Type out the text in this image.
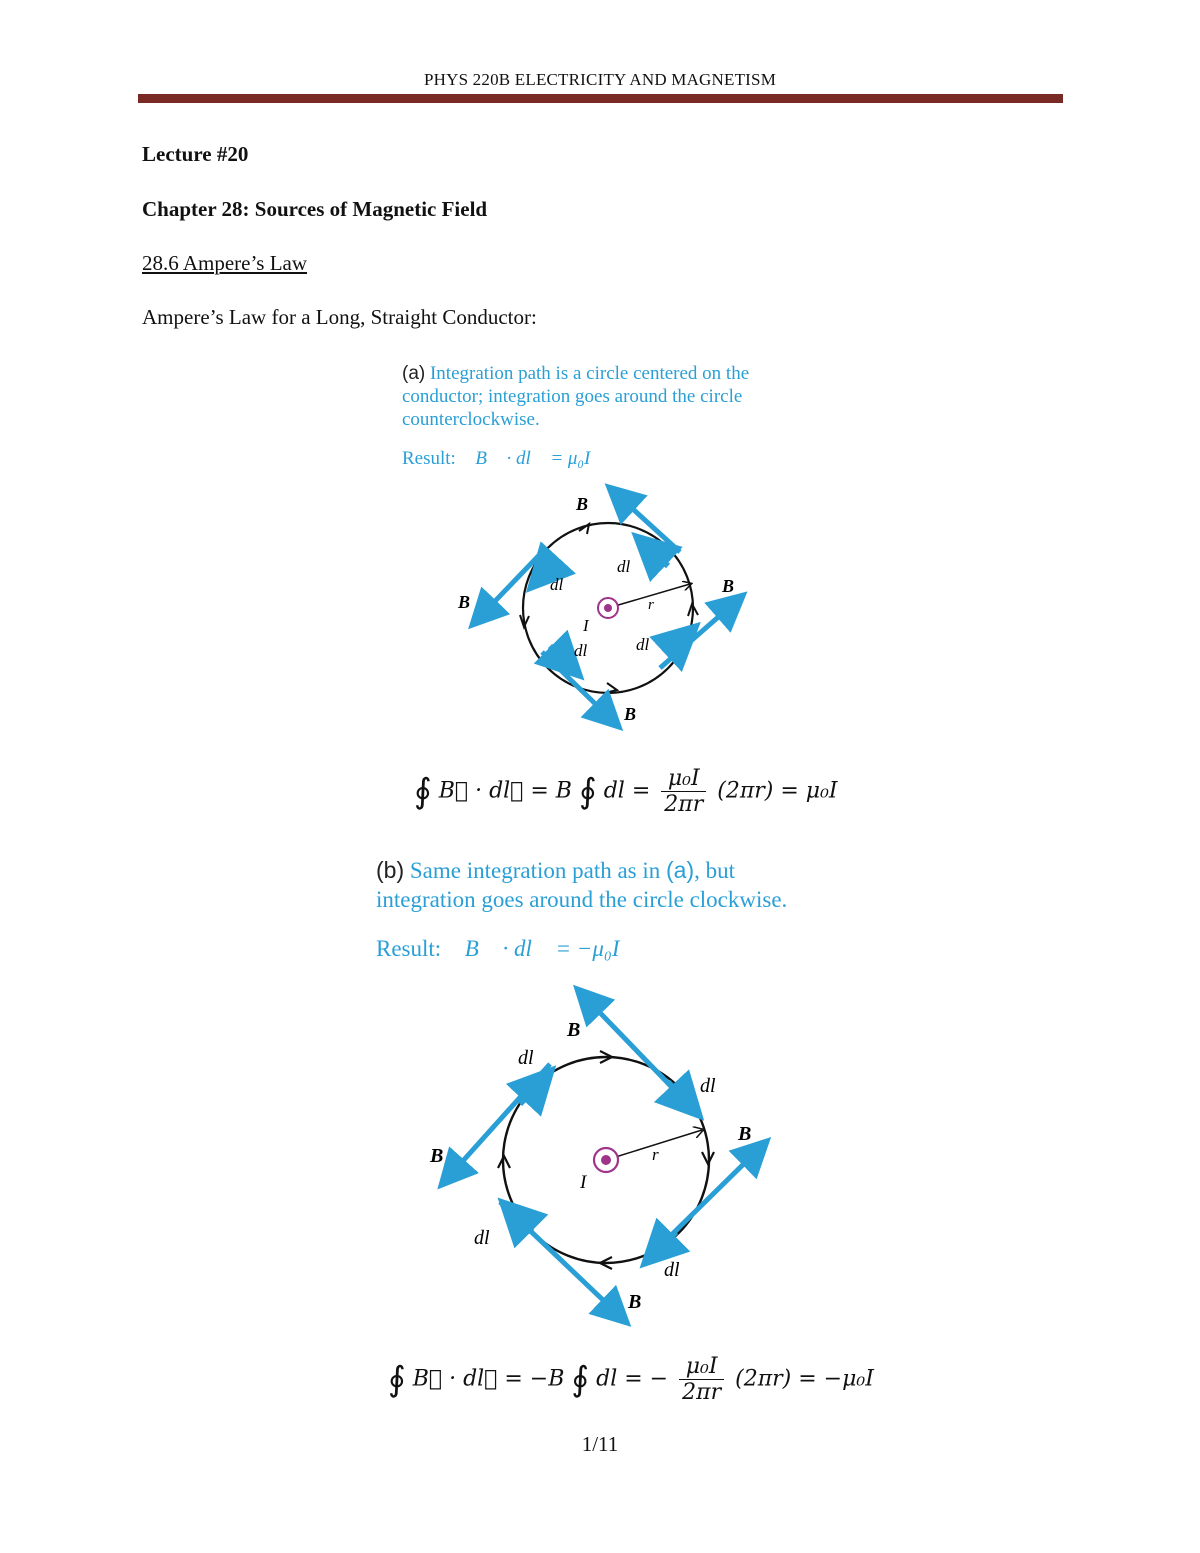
PHYS 220B ELECTRICITY AND MAGNETISM
Lecture #20
Chapter 28: Sources of Magnetic Field
28.6 Ampere’s Law
Ampere’s Law for a Long, Straight Conductor:
(a) Integration path is a circle centered on the
conductor; integration goes around the circle
counterclockwise.
Result: ∮B⃗ · dl⃗ = μ₀I
B⃗
B⃗
B⃗
B⃗
dl⃗
dl⃗
dl⃗ dl⃗
I
r
∮ B⃗ · dl⃗ = B ∮ dl = $\frac{\text{μ₀I}}{2\pi r} (2\pi r) = \mu_0I$
(b) Same integration path as in (a), but
integration goes around the circle clockwise.
Result: ∮B⃗ · dl⃗ = −μ₀I
B⃗
B⃗
B⃗
B⃗
dl⃗
dl⃗
dl⃗
dl⃗
I
r
∮ B⃗ · dl⃗ = −B ∮ dl = − $\frac{\text{μ₀I}}{2\pi r} (2\pi r) = -\mu_0I$
1/11
